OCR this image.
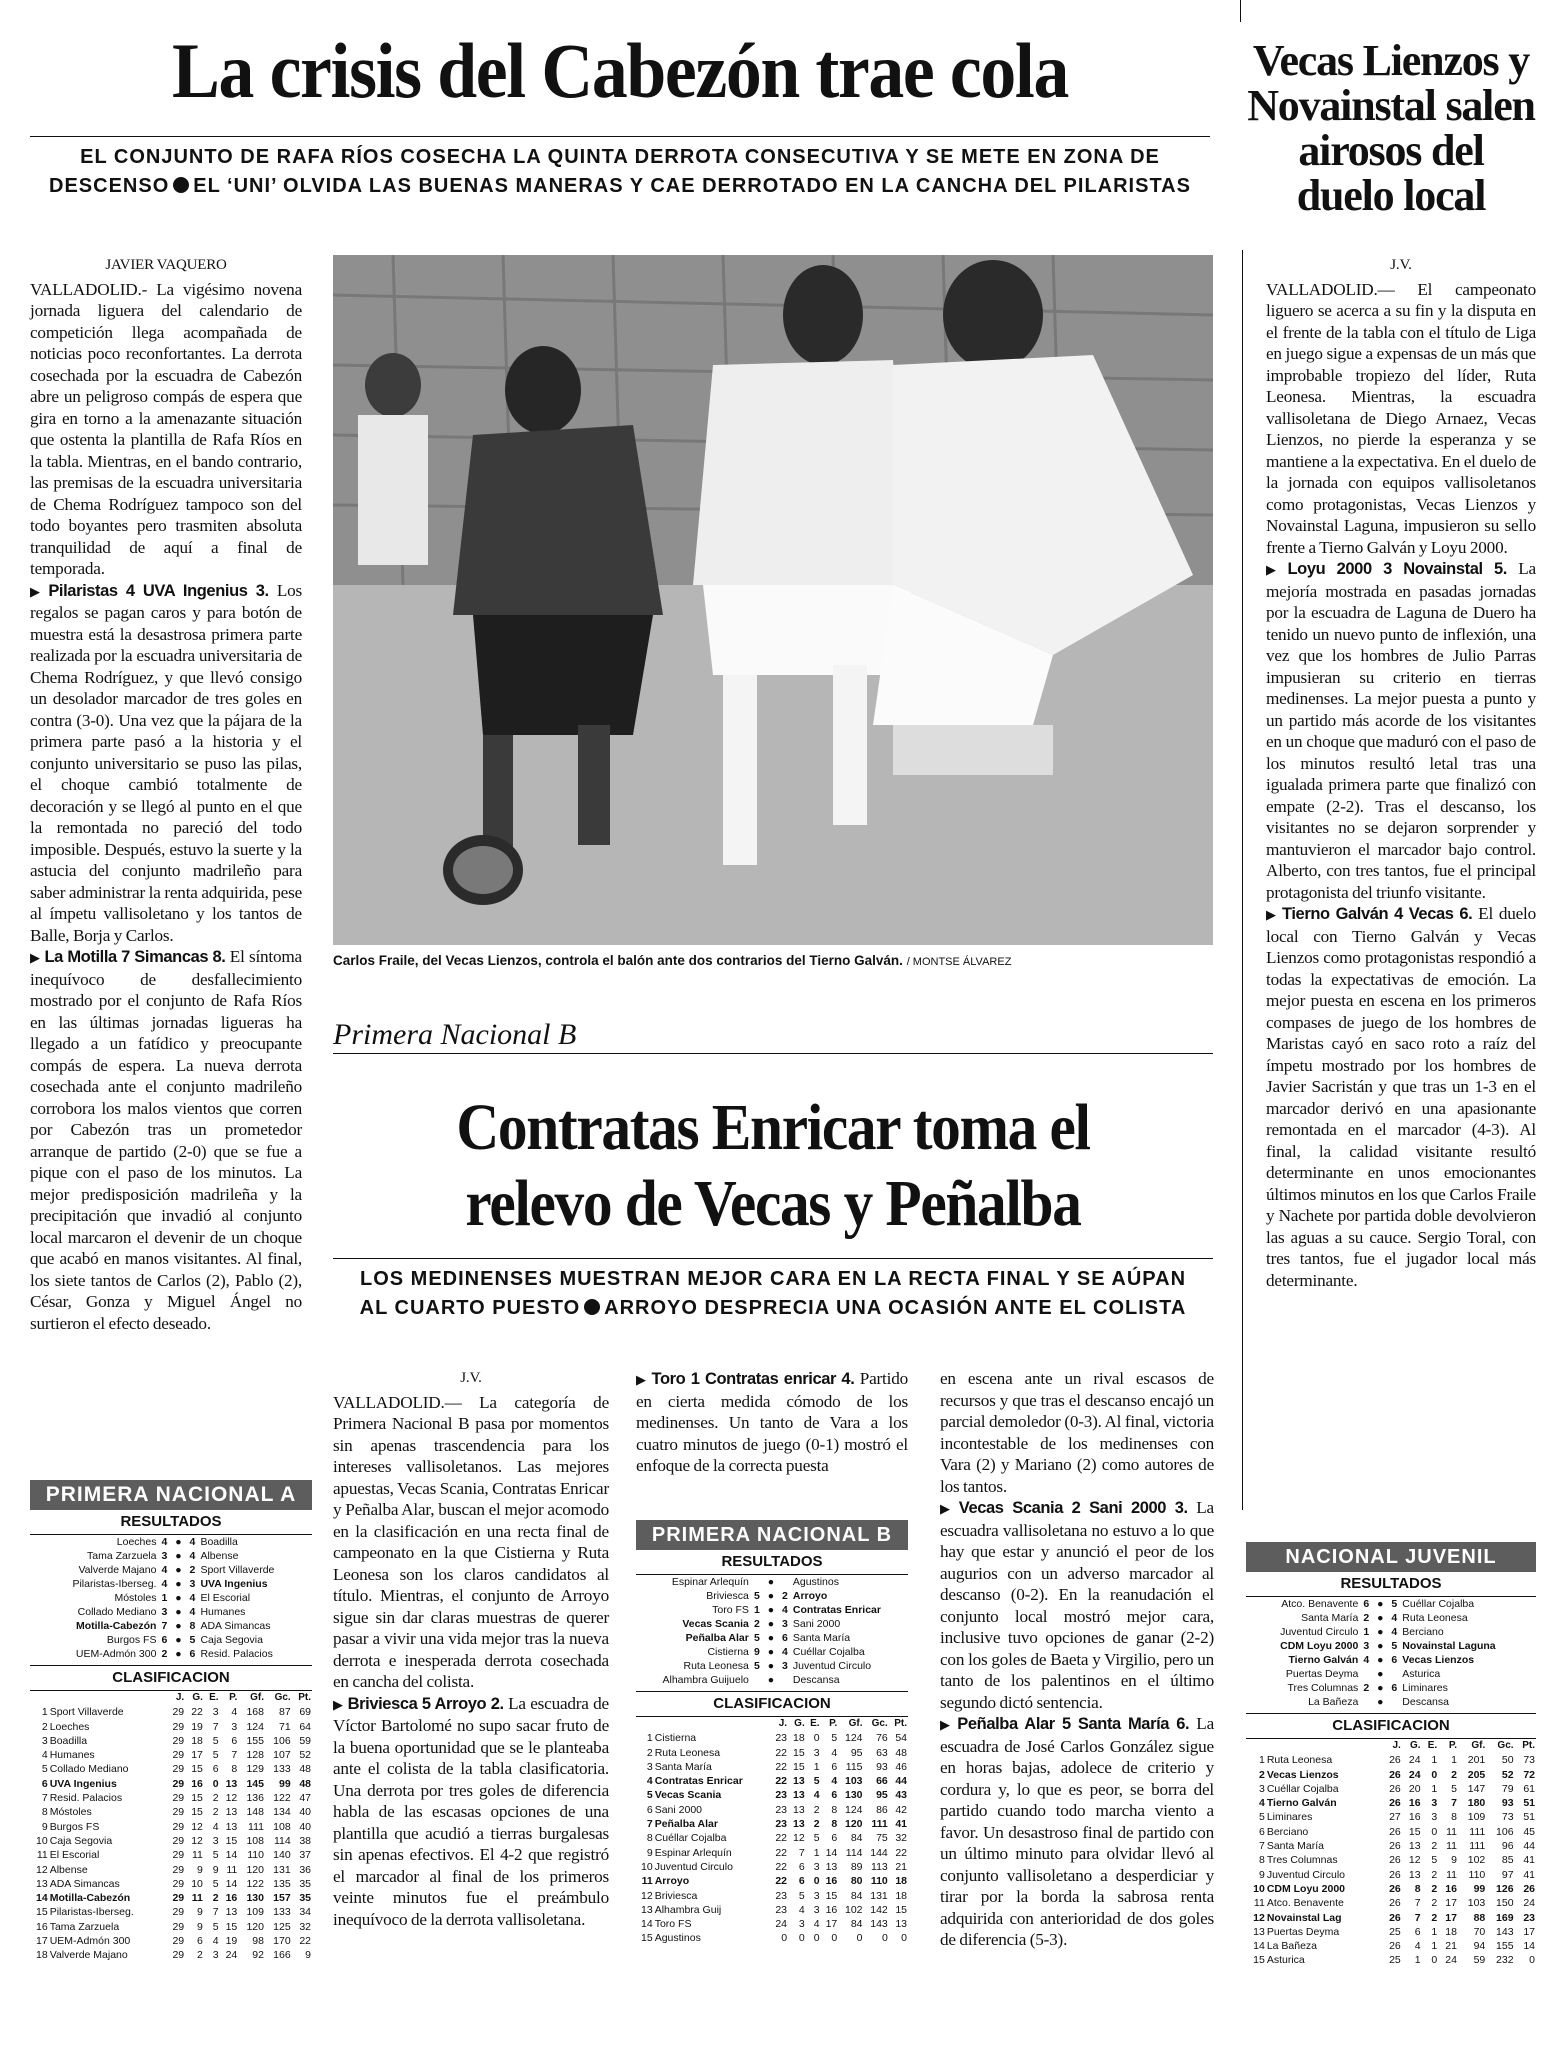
La crisis del Cabezón trae cola
EL CONJUNTO DE RAFA RÍOS COSECHA LA QUINTA DERROTA CONSECUTIVA Y SE METE EN ZONA DE
DESCENSO EL ‘UNI’ OLVIDA LAS BUENAS MANERAS Y CAE DERROTADO EN LA CANCHA DEL PILARISTAS
JAVIER VAQUERO

VALLADOLID.- La vigésimo novena jornada liguera del calendario de competición llega acompañada de noticias poco reconfortantes. La derrota cosechada por la escuadra de Cabezón abre un peligroso compás de espera que gira en torno a la amenazante situación que ostenta la plantilla de Rafa Ríos en la tabla. Mientras, en el bando contrario, las premisas de la escuadra universitaria de Chema Rodríguez tampoco son del todo boyantes pero trasmiten absoluta tranquilidad de aquí a final de temporada.

▶ Pilaristas 4 UVA Ingenius 3. Los regalos se pagan caros y para botón de muestra está la desastrosa primera parte realizada por la escuadra universitaria de Chema Rodríguez, y que llevó consigo un desolador marcador de tres goles en contra (3-0). Una vez que la pájara de la primera parte pasó a la historia y el conjunto universitario se puso las pilas, el choque cambió totalmente de decoración y se llegó al punto en el que la remontada no pareció del todo imposible. Después, estuvo la suerte y la astucia del conjunto madrileño para saber administrar la renta adquirida, pese al ímpetu vallisoletano y los tantos de Balle, Borja y Carlos.

▶ La Motilla 7 Simancas 8. El síntoma inequívoco de desfallecimiento mostrado por el conjunto de Rafa Ríos en las últimas jornadas ligueras ha llegado a un fatídico y preocupante compás de espera. La nueva derrota cosechada ante el conjunto madrileño corrobora los malos vientos que corren por Cabezón tras un prometedor arranque de partido (2-0) que se fue a pique con el paso de los minutos. La mejor predisposición madrileña y la precipitación que invadió al conjunto local marcaron el devenir de un choque que acabó en manos visitantes. Al final, los siete tantos de Carlos (2), Pablo (2), César, Gonza y Miguel Ángel no surtieron el efecto deseado.

Carlos Fraile, del Vecas Lienzos, controla el balón ante dos contrarios del Tierno Galván. / MONTSE ÁLVAREZ
Vecas Lienzos y Novainstal salen airosos del duelo local
J.V.

VALLADOLID.— El campeonato liguero se acerca a su fin y la disputa en el frente de la tabla con el título de Liga en juego sigue a expensas de un más que improbable tropiezo del líder, Ruta Leonesa. Mientras, la escuadra vallisoletana de Diego Arnaez, Vecas Lienzos, no pierde la esperanza y se mantiene a la expectativa. En el duelo de la jornada con equipos vallisoletanos como protagonistas, Vecas Lienzos y Novainstal Laguna, impusieron su sello frente a Tierno Galván y Loyu 2000.

▶ Loyu 2000 3 Novainstal 5. La mejoría mostrada en pasadas jornadas por la escuadra de Laguna de Duero ha tenido un nuevo punto de inflexión, una vez que los hombres de Julio Parras impusieran su criterio en tierras medinenses. La mejor puesta a punto y un partido más acorde de los visitantes en un choque que maduró con el paso de los minutos resultó letal tras una igualada primera parte que finalizó con empate (2-2). Tras el descanso, los visitantes no se dejaron sorprender y mantuvieron el marcador bajo control. Alberto, con tres tantos, fue el principal protagonista del triunfo visitante.

▶ Tierno Galván 4 Vecas 6. El duelo local con Tierno Galván y Vecas Lienzos como protagonistas respondió a todas la expectativas de emoción. La mejor puesta en escena en los primeros compases de juego de los hombres de Maristas cayó en saco roto a raíz del ímpetu mostrado por los hombres de Javier Sacristán y que tras un 1-3 en el marcador derivó en una apasionante remontada en el marcador (4-3). Al final, la calidad visitante resultó determinante en unos emocionantes últimos minutos en los que Carlos Fraile y Nachete por partida doble devolvieron las aguas a su cauce. Sergio Toral, con tres tantos, fue el jugador local más determinante.

Primera Nacional B
Contratas Enricar toma el
relevo de Vecas y Peñalba
LOS MEDINENSES MUESTRAN MEJOR CARA EN LA RECTA FINAL Y SE AÚPAN
AL CUARTO PUESTO ARROYO DESPRECIA UNA OCASIÓN ANTE EL COLISTA
J.V.

VALLADOLID.— La categoría de Primera Nacional B pasa por momentos sin apenas trascendencia para los intereses vallisoletanos. Las mejores apuestas, Vecas Scania, Contratas Enricar y Peñalba Alar, buscan el mejor acomodo en la clasificación en una recta final de campeonato en la que Cistierna y Ruta Leonesa son los claros candidatos al título. Mientras, el conjunto de Arroyo sigue sin dar claras muestras de querer pasar a vivir una vida mejor tras la nueva derrota e inesperada derrota cosechada en cancha del colista.

▶ Briviesca 5 Arroyo 2. La escuadra de Víctor Bartolomé no supo sacar fruto de la buena oportunidad que se le planteaba ante el colista de la tabla clasificatoria. Una derrota por tres goles de diferencia habla de las escasas opciones de una plantilla que acudió a tierras burgalesas sin apenas efectivos. El 4-2 que registró el marcador al final de los primeros veinte minutos fue el preámbulo inequívoco de la derrota vallisoletana.

▶ Toro 1 Contratas enricar 4. Partido en cierta medida cómodo de los medinenses. Un tanto de Vara a los cuatro minutos de juego (0-1) mostró el enfoque de la correcta puesta

en escena ante un rival escasos de recursos y que tras el descanso encajó un parcial demoledor (0-3). Al final, victoria incontestable de los medinenses con Vara (2) y Mariano (2) como autores de los tantos.

▶ Vecas Scania 2 Sani 2000 3. La escuadra vallisoletana no estuvo a lo que hay que estar y anunció el peor de los augurios con un adverso marcador al descanso (0-2). En la reanudación el conjunto local mostró mejor cara, inclusive tuvo opciones de ganar (2-2) con los goles de Baeta y Virgilio, pero un tanto de los palentinos en el último segundo dictó sentencia.

▶ Peñalba Alar 5 Santa María 6. La escuadra de José Carlos González sigue en horas bajas, adolece de criterio y cordura y, lo que es peor, se borra del partido cuando todo marcha viento a favor. Un desastroso final de partido con un último minuto para olvidar llevó al conjunto vallisoletano a desperdiciar y tirar por la borda la sabrosa renta adquirida con anterioridad de dos goles de diferencia (5-3).

PRIMERA NACIONAL A
RESULTADOS
Loeches	4	●	4	Boadilla
Tama Zarzuela	3	●	4	Albense
Valverde Majano	4	●	2	Sport Villaverde
Pilaristas-Iberseg.	4	●	3	UVA Ingenius
Móstoles	1	●	4	El Escorial
Collado Mediano	3	●	4	Humanes
Motilla-Cabezón	7	●	8	ADA Simancas
Burgos FS	6	●	5	Caja Segovia
UEM-Admón 300	2	●	6	Resid. Palacios
CLASIFICACION
		J.	G.	E.	P.	Gf.	Gc.	Pt.
1	Sport Villaverde	29	22	3	4	168	87	69
2	Loeches	29	19	7	3	124	71	64
3	Boadilla	29	18	5	6	155	106	59
4	Humanes	29	17	5	7	128	107	52
5	Collado Mediano	29	15	6	8	129	133	48
6	UVA Ingenius	29	16	0	13	145	99	48
7	Resid. Palacios	29	15	2	12	136	122	47
8	Móstoles	29	15	2	13	148	134	40
9	Burgos FS	29	12	4	13	111	108	40
10	Caja Segovia	29	12	3	15	108	114	38
11	El Escorial	29	11	5	14	110	140	37
12	Albense	29	9	9	11	120	131	36
13	ADA Simancas	29	10	5	14	122	135	35
14	Motilla-Cabezón	29	11	2	16	130	157	35
15	Pilaristas-Iberseg.	29	9	7	13	109	133	34
16	Tama Zarzuela	29	9	5	15	120	125	32
17	UEM-Admón 300	29	6	4	19	98	170	22
18	Valverde Majano	29	2	3	24	92	166	9
PRIMERA NACIONAL B
RESULTADOS
Espinar Arlequín		●		Agustinos
Briviesca	5	●	2	Arroyo
Toro FS	1	●	4	Contratas Enricar
Vecas Scania	2	●	3	Sani 2000
Peñalba Alar	5	●	6	Santa María
Cistierna	9	●	4	Cuéllar Cojalba
Ruta Leonesa	5	●	3	Juventud Circulo
Alhambra Guijuelo		●		Descansa
CLASIFICACION
		J.	G.	E.	P.	Gf.	Gc.	Pt.
1	Cistierna	23	18	0	5	124	76	54
2	Ruta Leonesa	22	15	3	4	95	63	48
3	Santa María	22	15	1	6	115	93	46
4	Contratas Enricar	22	13	5	4	103	66	44
5	Vecas Scania	23	13	4	6	130	95	43
6	Sani 2000	23	13	2	8	124	86	42
7	Peñalba Alar	23	13	2	8	120	111	41
8	Cuéllar Cojalba	22	12	5	6	84	75	32
9	Espinar Arlequín	22	7	1	14	114	144	22
10	Juventud Circulo	22	6	3	13	89	113	21
11	Arroyo	22	6	0	16	80	110	18
12	Briviesca	23	5	3	15	84	131	18
13	Alhambra Guij	23	4	3	16	102	142	15
14	Toro FS	24	3	4	17	84	143	13
15	Agustinos	0	0	0	0	0	0	0
NACIONAL JUVENIL
RESULTADOS
Atco. Benavente	6	●	5	Cuéllar Cojalba
Santa María	2	●	4	Ruta Leonesa
Juventud Circulo	1	●	4	Berciano
CDM Loyu 2000	3	●	5	Novainstal Laguna
Tierno Galván	4	●	6	Vecas Lienzos
Puertas Deyma		●		Asturica
Tres Columnas	2	●	6	Liminares
La Bañeza		●		Descansa
CLASIFICACION
		J.	G.	E.	P.	Gf.	Gc.	Pt.
1	Ruta Leonesa	26	24	1	1	201	50	73
2	Vecas Lienzos	26	24	0	2	205	52	72
3	Cuéllar Cojalba	26	20	1	5	147	79	61
4	Tierno Galván	26	16	3	7	180	93	51
5	Liminares	27	16	3	8	109	73	51
6	Berciano	26	15	0	11	111	106	45
7	Santa María	26	13	2	11	111	96	44
8	Tres Columnas	26	12	5	9	102	85	41
9	Juventud Circulo	26	13	2	11	110	97	41
10	CDM Loyu 2000	26	8	2	16	99	126	26
11	Atco. Benavente	26	7	2	17	103	150	24
12	Novainstal Lag	26	7	2	17	88	169	23
13	Puertas Deyma	25	6	1	18	70	143	17
14	La Bañeza	26	4	1	21	94	155	14
15	Asturica	25	1	0	24	59	232	0
